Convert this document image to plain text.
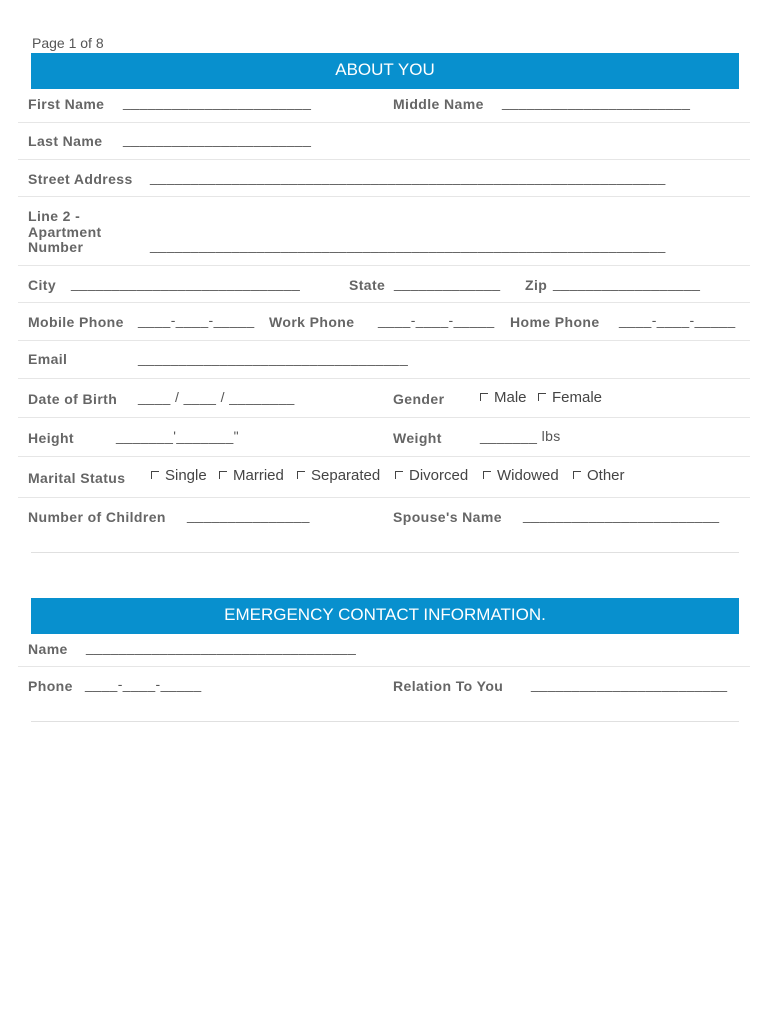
Page 1 of 8
ABOUT YOU
First Name _______________________	Middle Name _______________________
Last Name _______________________
Street Address _______________________________________________________________
Line 2 -
Apartment
Number	_______________________________________________________________
City ____________________________	State _____________ Zip __________________
Mobile Phone ____-____-_____ Work Phone ____-____-_____ Home Phone ____-____-_____
Email	_________________________________
Date of Birth ____ / ____ / ________	Gender	Male	Female
Height	_______'_______"	Weight	_______ lbs
Marital Status	Single	Married	Separated	Divorced	Widowed	Other
Number of Children _______________	Spouse's Name ________________________
EMERGENCY CONTACT INFORMATION.
Name _________________________________
Phone ____-____-_____	Relation To You ________________________
